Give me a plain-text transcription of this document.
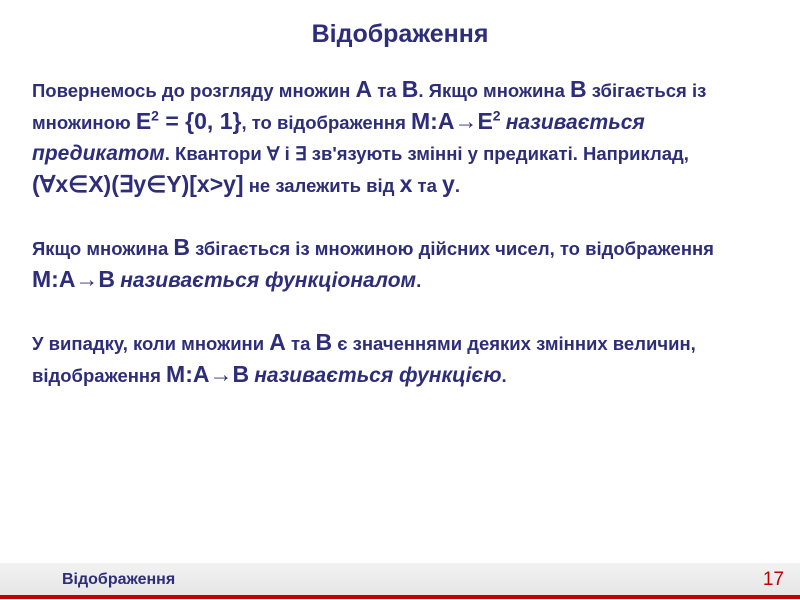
Відображення

Повернемось до розгляду множин А та В. Якщо множина В збігається із множиною $Е^2 = \{0$, 1}, то відображення $М:А\to Е^2$ називається предикатом. Квантори ∀ і ∃ зв'язують змінні у предикаті. Наприклад, (∀x∈X)(∃y∈Y)[x>y] не залежить від x та y.

Якщо множина В збігається із множиною дійсних чисел, то відображення М:А→В називається функціоналом.

У випадку, коли множини А та В є значеннями деяких змінних величин, відображення М:А→В називається функцією.

Відображення	17
